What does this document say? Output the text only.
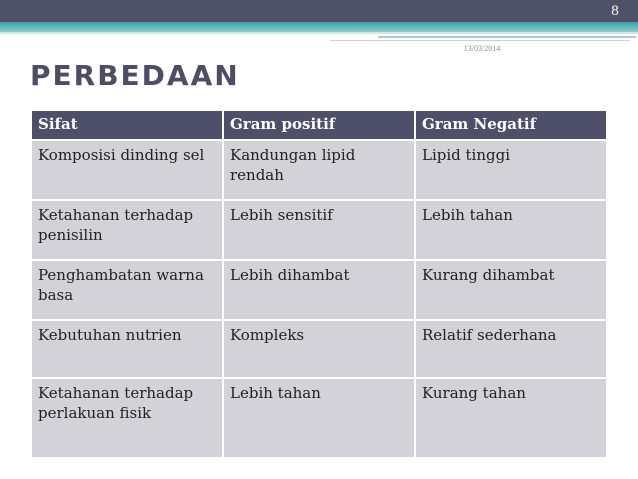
8
13/03/2014
PERBEDAAN
Sifat	Gram positif	Gram Negatif
Komposisi dinding sel	Kandungan lipid rendah	Lipid tinggi
Ketahanan terhadap penisilin	Lebih sensitif	Lebih tahan
Penghambatan warna basa	Lebih dihambat	Kurang dihambat
Kebutuhan nutrien	Kompleks	Relatif sederhana
Ketahanan terhadap perlakuan fisik	Lebih tahan	Kurang tahan
